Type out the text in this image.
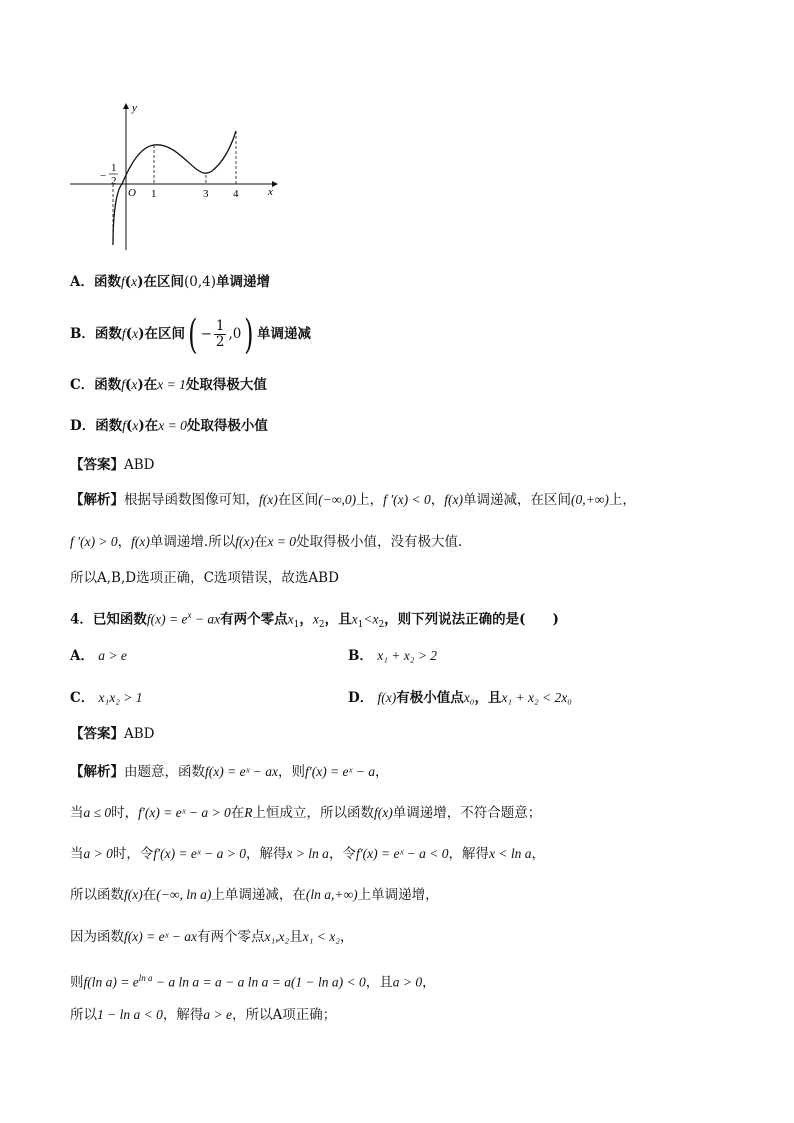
y
x
O
−
1
2
1	3 4
A．函数f(x)在区间(0,4)单调递增
B．函数f(x)在区间( − $\frac{1}{2} ,0$) 单调递减
C．函数f(x)在x = 1处取得极大值
D．函数f(x)在x = 0处取得极小值
【答案】ABD
【解析】根据导函数图像可知，f(x)在区间(−∞,0)上，f ′(x) < 0，f(x)单调递减，在区间(0,+∞)上，
f ′(x) > 0，f(x)单调递增.所以f(x)在x = 0处取得极小值，没有极大值.
所以A,B,D选项正确，C选项错误，故选ABD
4．已知函数$f(x) = e^x$ − ax有两个零点$x_1$，$x_2$，且$x_1<x_2$，则下列说法正确的是(　　)
A． a > e	B． x₁ + x₂ > 2
C． x₁x₂ > 1	D． f(x)有极小值点x₀，且x₁ + x₂ < 2x₀
【答案】ABD
【解析】由题意，函数f(x) = eˣ − ax，则f′(x) = eˣ − a，
当a ≤ 0时，f′(x) = eˣ − a > 0在R上恒成立，所以函数f(x)单调递增，不符合题意；
当a > 0时，令f′(x) = eˣ − a > 0，解得x > ln a，令f′(x) = eˣ − a < 0，解得x < ln a，
所以函数f(x)在(−∞, ln a)上单调递减，在(ln a,+∞)上单调递增，
因为函数f(x) = eˣ − ax有两个零点x₁,x₂且x₁ < x₂，
则f(ln $a) = e^{ln a} - a$ ln a = a − a ln a = a(1 − ln a) < 0，且a > 0，
所以1 − ln a < 0，解得a > e，所以A项正确；
